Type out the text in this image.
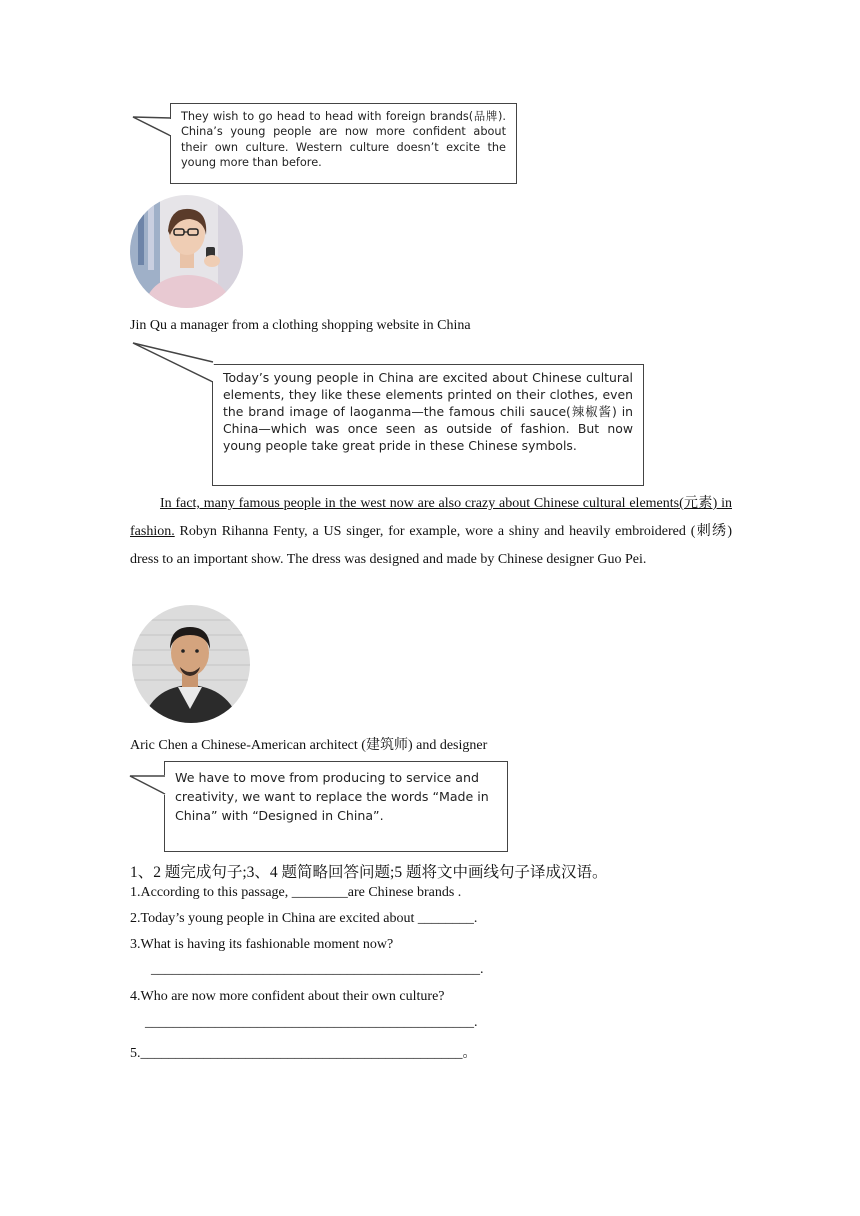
They wish to go head to head with foreign brands(品牌). China’s young people are now more confident about their own culture. Western culture doesn’t excite the young more than before.
Jin Qu a manager from a clothing shopping website in China
Today’s young people in China are excited about Chinese cultural elements, they like these elements printed on their clothes, even the brand image of laoganma—the famous chili sauce(辣椒酱) in China—which was once seen as outside of fashion. But now young people take great pride in these Chinese symbols.
In fact, many famous people in the west now are also crazy about Chinese cultural elements(元素) in fashion. Robyn Rihanna Fenty, a US singer, for example, wore a shiny and heavily embroidered (刺绣) dress to an important show. The dress was designed and made by Chinese designer Guo Pei.
Aric Chen a Chinese-American architect (建筑师) and designer
We have to move from producing to service and creativity, we want to replace the words “Made in China” with “Designed in China”.
1、2 题完成句子;3、4 题简略回答问题;5 题将文中画线句子译成汉语。
1.According to this passage, ________are Chinese brands .
2.Today’s young people in China are excited about ________.
3.What is having its fashionable moment now?
_______________________________________________.
4.Who are now more confident about their own culture?
_______________________________________________.
5.______________________________________________。
